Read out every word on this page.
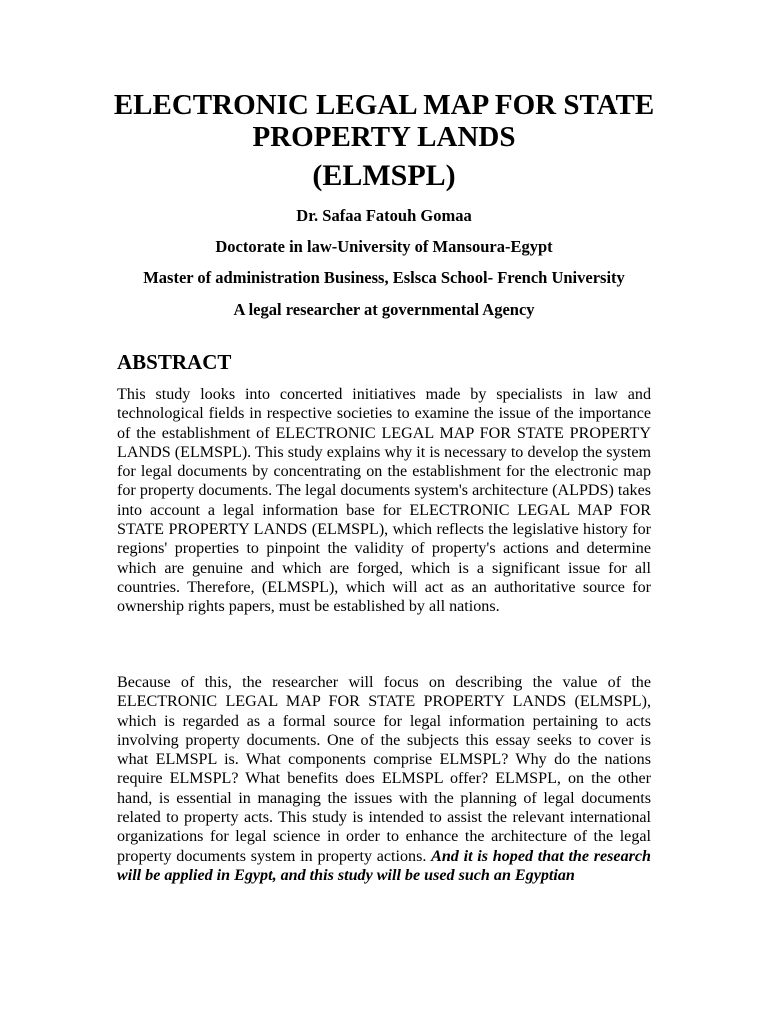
ELECTRONIC LEGAL MAP FOR STATE
PROPERTY LANDS
(ELMSPL)

Dr. Safaa Fatouh Gomaa

Doctorate in law-University of Mansoura-Egypt

Master of administration Business, Eslsca School- French University

A legal researcher at governmental Agency

ABSTRACT

This study looks into concerted initiatives made by specialists in law and technological fields in respective societies to examine the issue of the importance of the establishment of ELECTRONIC LEGAL MAP FOR STATE PROPERTY LANDS (ELMSPL). This study explains why it is necessary to develop the system for legal documents by concentrating on the establishment for the electronic map for property documents. The legal documents system's architecture (ALPDS) takes into account a legal information base for ELECTRONIC LEGAL MAP FOR STATE PROPERTY LANDS (ELMSPL), which reflects the legislative history for regions' properties to pinpoint the validity of property's actions and determine which are genuine and which are forged, which is a significant issue for all countries. Therefore, (ELMSPL), which will act as an authoritative source for ownership rights papers, must be established by all nations.

Because of this, the researcher will focus on describing the value of the ELECTRONIC LEGAL MAP FOR STATE PROPERTY LANDS (ELMSPL), which is regarded as a formal source for legal information pertaining to acts involving property documents. One of the subjects this essay seeks to cover is what ELMSPL is. What components comprise ELMSPL? Why do the nations require ELMSPL? What benefits does ELMSPL offer? ELMSPL, on the other hand, is essential in managing the issues with the planning of legal documents related to property acts. This study is intended to assist the relevant international organizations for legal science in order to enhance the architecture of the legal property documents system in property actions. And it is hoped that the research will be applied in Egypt, and this study will be used such an Egyptian
